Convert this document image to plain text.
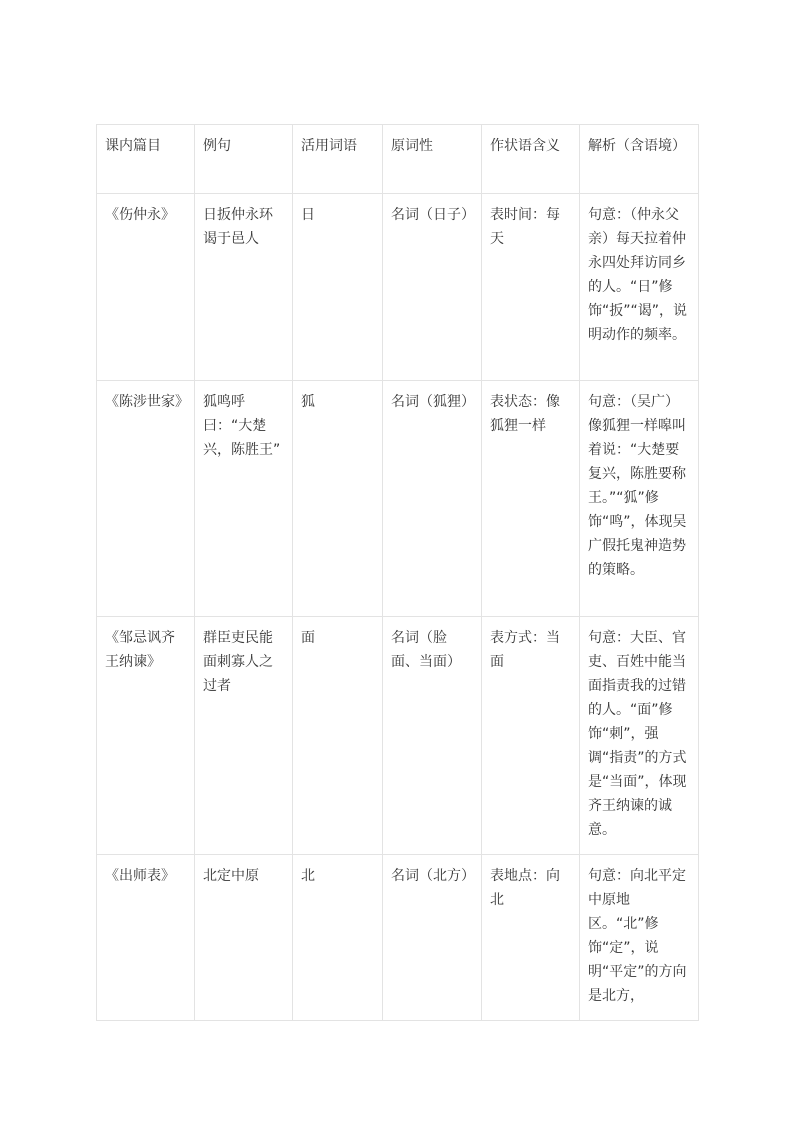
课内篇目	例句	活用词语	原词性	作状语含义	解析（含语境）
《伤仲永》	日扳仲永环谒于邑人	日	名词（日子）	表时间：每天	句意：（仲永父亲）每天拉着仲永四处拜访同乡的人。“日”修饰“扳”“谒”，说明动作的频率。
《陈涉世家》	狐鸣呼曰：“大楚兴，陈胜王”	狐	名词（狐狸）	表状态：像狐狸一样	句意：（吴广）像狐狸一样嗥叫着说：“大楚要复兴，陈胜要称王。”“狐”修饰“鸣”，体现吴广假托鬼神造势的策略。
《邹忌讽齐王纳谏》	群臣吏民能面刺寡人之过者	面	名词（脸面、当面）	表方式：当面	句意：大臣、官吏、百姓中能当面指责我的过错的人。“面”修饰“刺”，强调“指责”的方式是“当面”，体现齐王纳谏的诚意。
《出师表》	北定中原	北	名词（北方）	表地点：向北	句意：向北平定中原地区。“北”修饰“定”，说明“平定”的方向是北方，
